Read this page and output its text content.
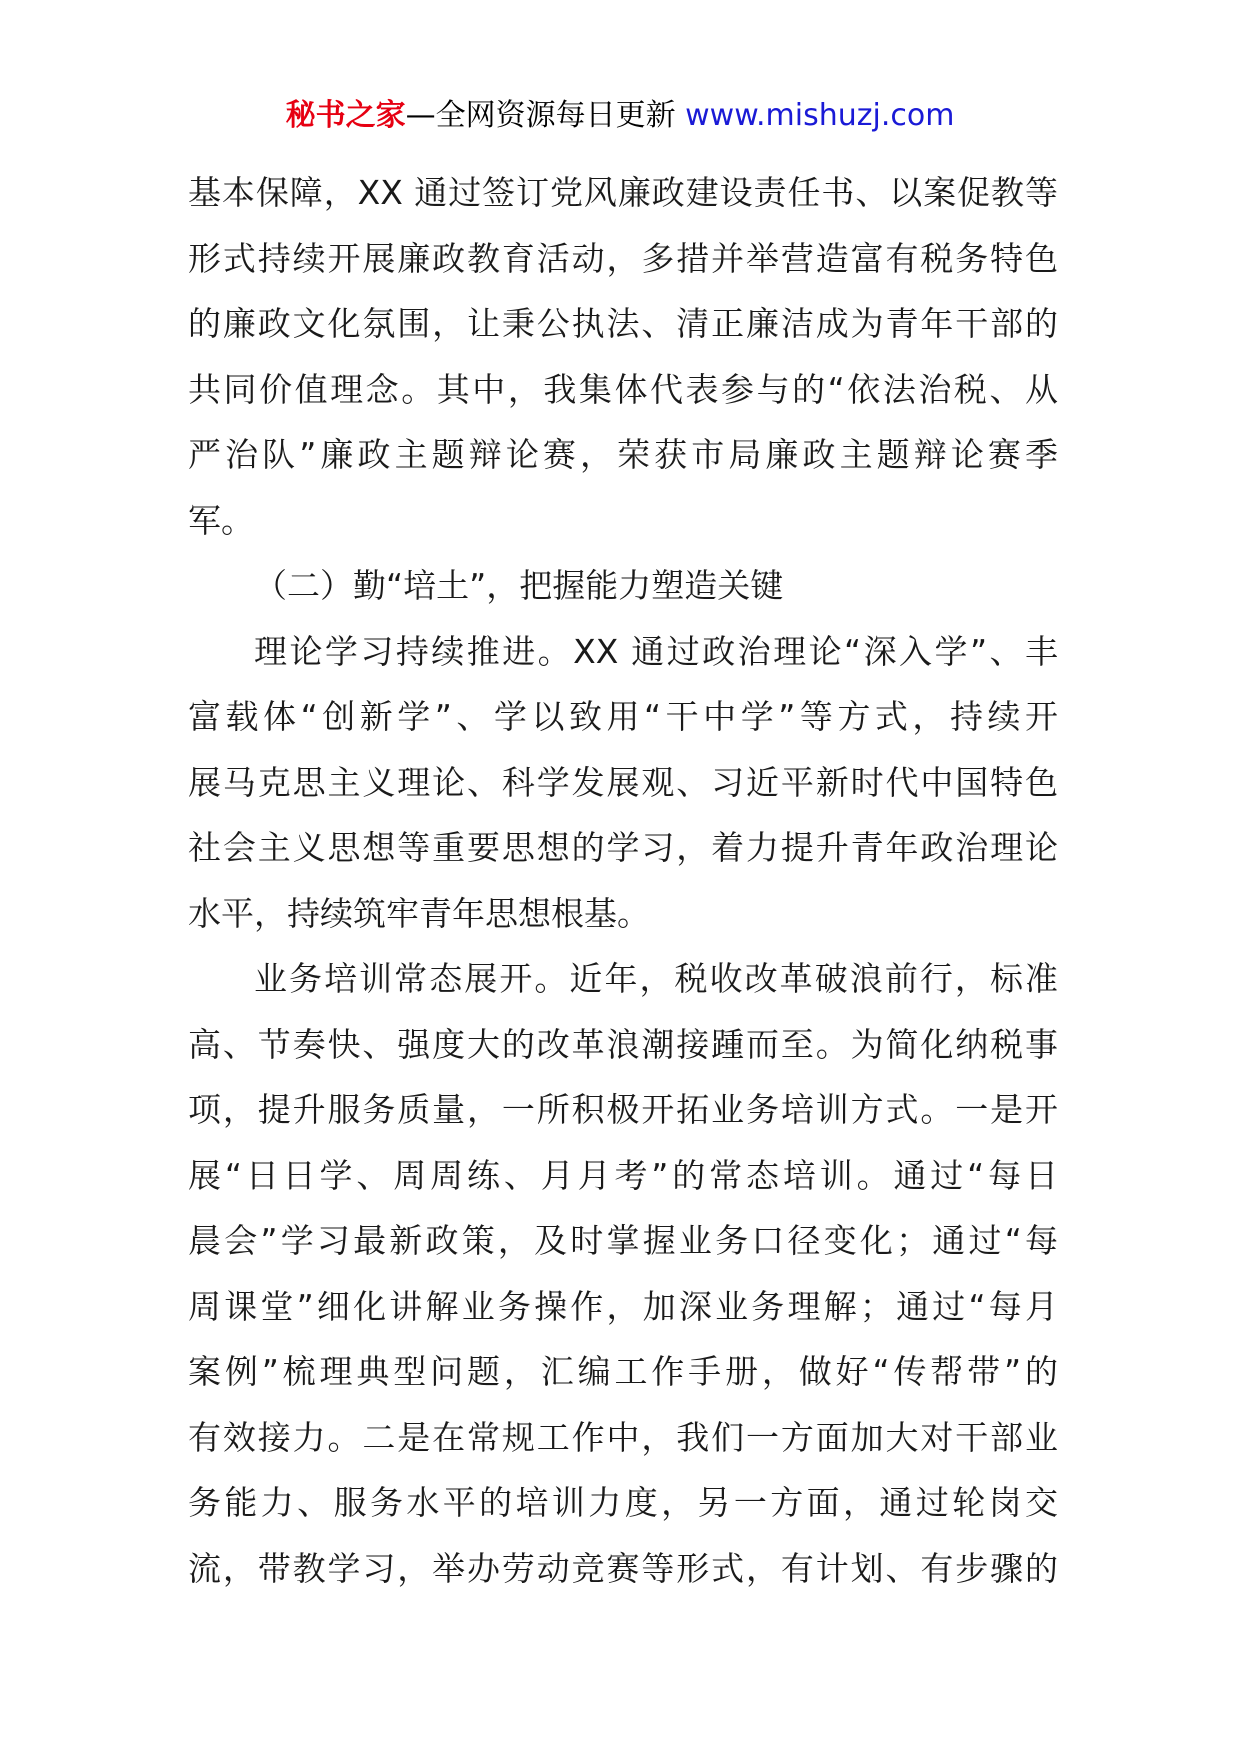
秘书之家—全网资源每日更新 www.mishuzj.com
基本保障，XX 通过签订党风廉政建设责任书、以案促教等
形式持续开展廉政教育活动，多措并举营造富有税务特色
的廉政文化氛围，让秉公执法、清正廉洁成为青年干部的
共同价值理念。其中，我集体代表参与的“依法治税、从
严治队”廉政主题辩论赛，荣获市局廉政主题辩论赛季
军。
（二）勤“培土”，把握能力塑造关键
理论学习持续推进。XX 通过政治理论“深入学”、丰
富载体“创新学”、学以致用“干中学”等方式，持续开
展马克思主义理论、科学发展观、习近平新时代中国特色
社会主义思想等重要思想的学习，着力提升青年政治理论
水平，持续筑牢青年思想根基。
业务培训常态展开。近年，税收改革破浪前行，标准
高、节奏快、强度大的改革浪潮接踵而至。为简化纳税事
项，提升服务质量，一所积极开拓业务培训方式。一是开
展“日日学、周周练、月月考”的常态培训。通过“每日
晨会”学习最新政策，及时掌握业务口径变化；通过“每
周课堂”细化讲解业务操作，加深业务理解；通过“每月
案例”梳理典型问题，汇编工作手册，做好“传帮带”的
有效接力。二是在常规工作中，我们一方面加大对干部业
务能力、服务水平的培训力度，另一方面，通过轮岗交
流，带教学习，举办劳动竞赛等形式，有计划、有步骤的
